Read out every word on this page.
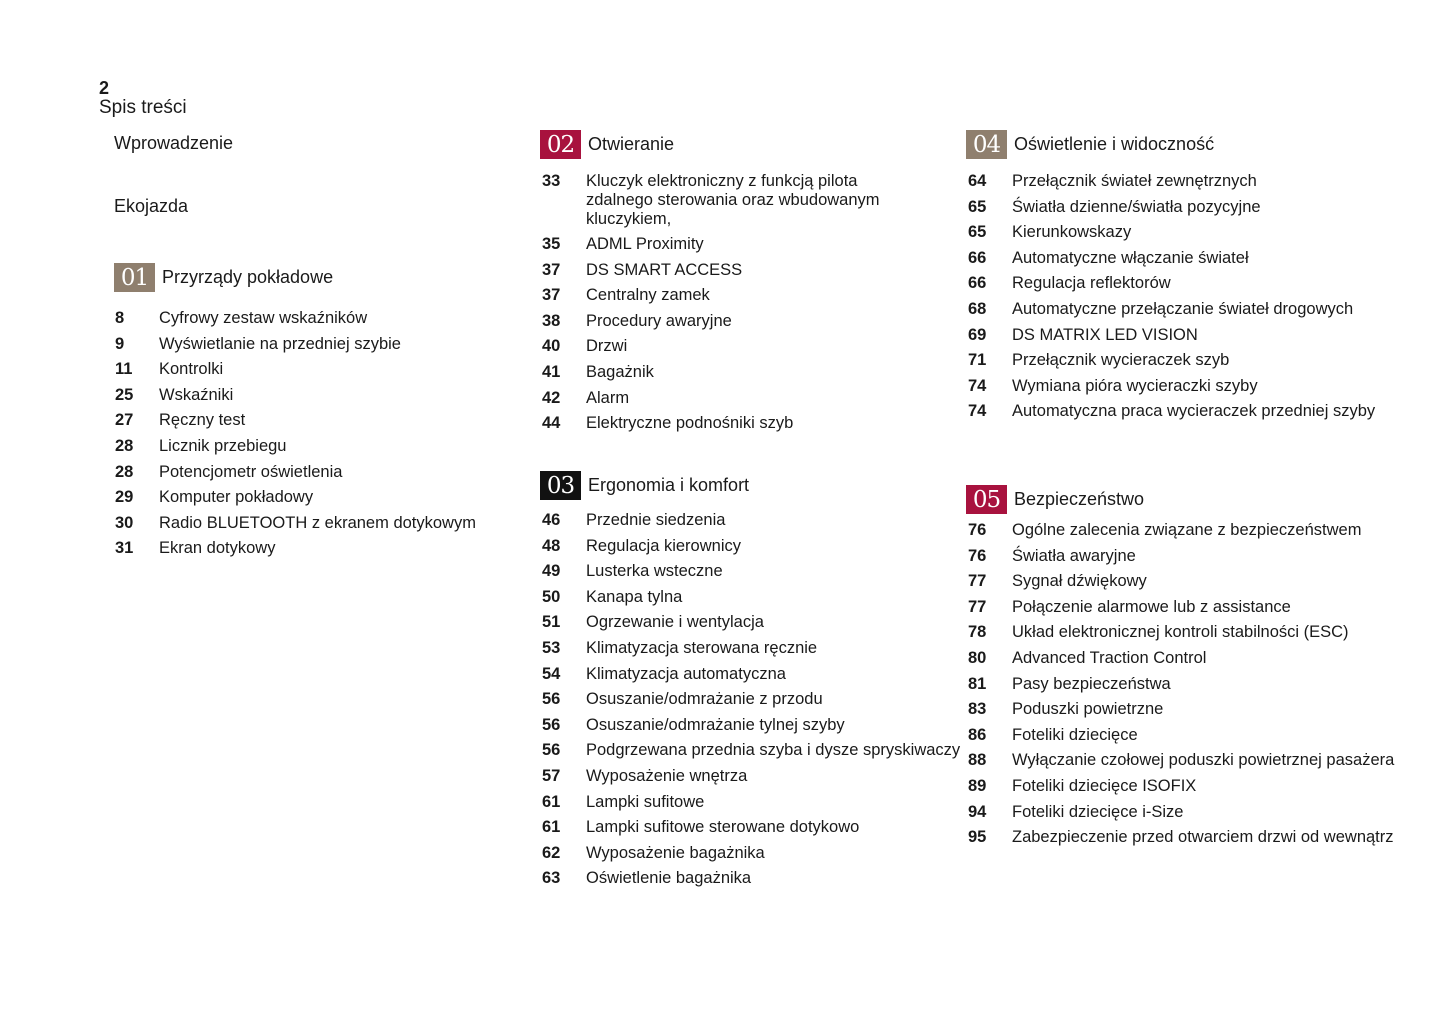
2
Spis treści
Wprowadzenie
Ekojazda
01 Przyrządy pokładowe
8	Cyfrowy zestaw wskaźników
9	Wyświetlanie na przedniej szybie
11	Kontrolki
25	Wskaźniki
27	Ręczny test
28	Licznik przebiegu
28	Potencjometr oświetlenia
29	Komputer pokładowy
30	Radio BLUETOOTH z ekranem dotykowym
31	Ekran dotykowy
02 Otwieranie
33	Kluczyk elektroniczny z funkcją pilota zdalnego sterowania oraz wbudowanym kluczykiem,
35	ADML Proximity
37	DS SMART ACCESS
37	Centralny zamek
38	Procedury awaryjne
40	Drzwi
41	Bagażnik
42	Alarm
44	Elektryczne podnośniki szyb
03 Ergonomia i komfort
46	Przednie siedzenia
48	Regulacja kierownicy
49	Lusterka wsteczne
50	Kanapa tylna
51	Ogrzewanie i wentylacja
53	Klimatyzacja sterowana ręcznie
54	Klimatyzacja automatyczna
56	Osuszanie/odmrażanie z przodu
56	Osuszanie/odmrażanie tylnej szyby
56	Podgrzewana przednia szyba i dysze spryskiwaczy
57	Wyposażenie wnętrza
61	Lampki sufitowe
61	Lampki sufitowe sterowane dotykowo
62	Wyposażenie bagażnika
63	Oświetlenie bagażnika
04 Oświetlenie i widoczność
64	Przełącznik świateł zewnętrznych
65	Światła dzienne/światła pozycyjne
65	Kierunkowskazy
66	Automatyczne włączanie świateł
66	Regulacja reflektorów
68	Automatyczne przełączanie świateł drogowych
69	DS MATRIX LED VISION
71	Przełącznik wycieraczek szyb
74	Wymiana pióra wycieraczki szyby
74	Automatyczna praca wycieraczek przedniej szyby
05 Bezpieczeństwo
76	Ogólne zalecenia związane z bezpieczeństwem
76	Światła awaryjne
77	Sygnał dźwiękowy
77	Połączenie alarmowe lub z assistance
78	Układ elektronicznej kontroli stabilności (ESC)
80	Advanced Traction Control
81	Pasy bezpieczeństwa
83	Poduszki powietrzne
86	Foteliki dziecięce
88	Wyłączanie czołowej poduszki powietrznej pasażera
89	Foteliki dziecięce ISOFIX
94	Foteliki dziecięce i-Size
95	Zabezpieczenie przed otwarciem drzwi od wewnątrz
